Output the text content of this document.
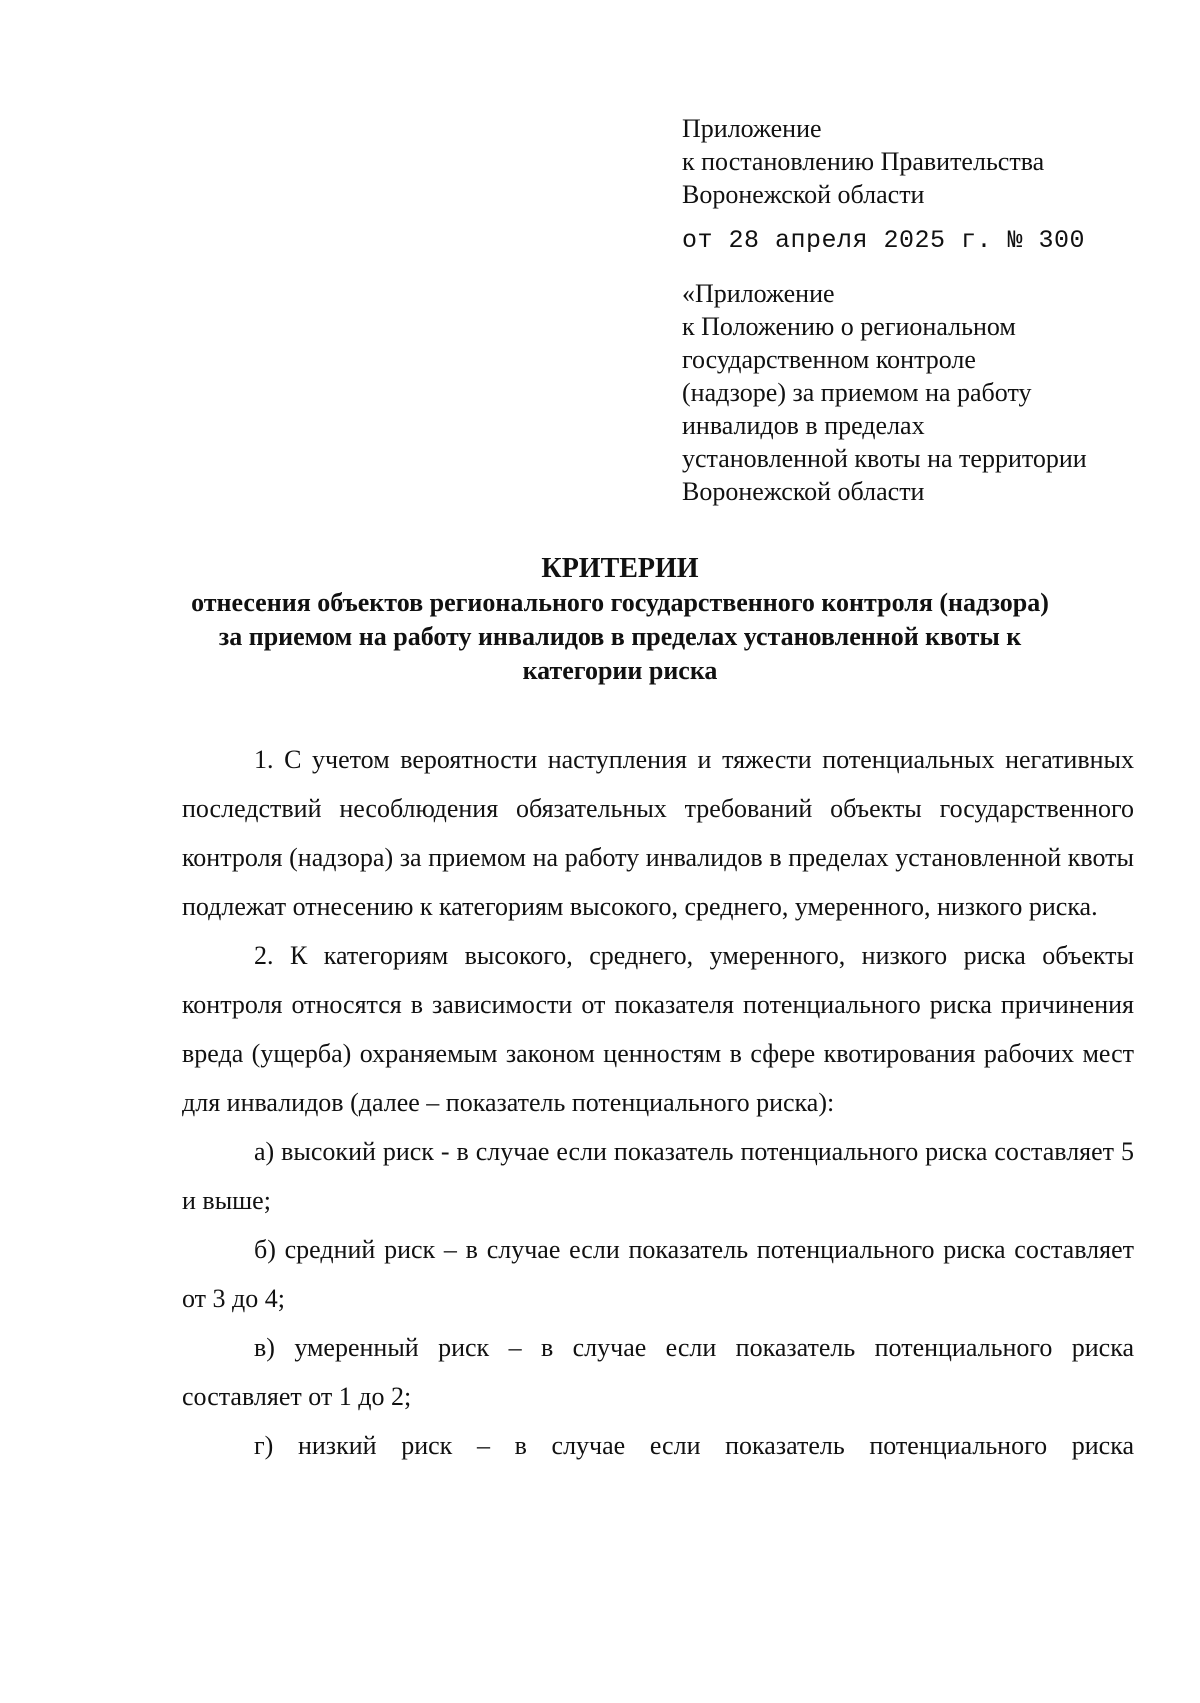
Приложение
к постановлению Правительства
Воронежской области
от 28 апреля 2025 г. № 300
«Приложение
к Положению о региональном
государственном контроле
(надзоре) за приемом на работу
инвалидов в пределах
установленной квоты на территории
Воронежской области
КРИТЕРИИ
отнесения объектов регионального государственного контроля (надзора)
за приемом на работу инвалидов в пределах установленной квоты к
категории риска

1. С учетом вероятности наступления и тяжести потенциальных негативных последствий несоблюдения обязательных требований объекты государственного контроля (надзора) за приемом на работу инвалидов в пределах установленной квоты подлежат отнесению к категориям высокого, среднего, умеренного, низкого риска.

2. К категориям высокого, среднего, умеренного, низкого риска объекты контроля относятся в зависимости от показателя потенциального риска причинения вреда (ущерба) охраняемым законом ценностям в сфере квотирования рабочих мест для инвалидов (далее – показатель потенциального риска):

а) высокий риск - в случае если показатель потенциального риска составляет 5 и выше;

б) средний риск – в случае если показатель потенциального риска составляет от 3 до 4;

в) умеренный риск – в случае если показатель потенциального риска составляет от 1 до 2;

г) низкий риск – в случае если показатель потенциального риска
